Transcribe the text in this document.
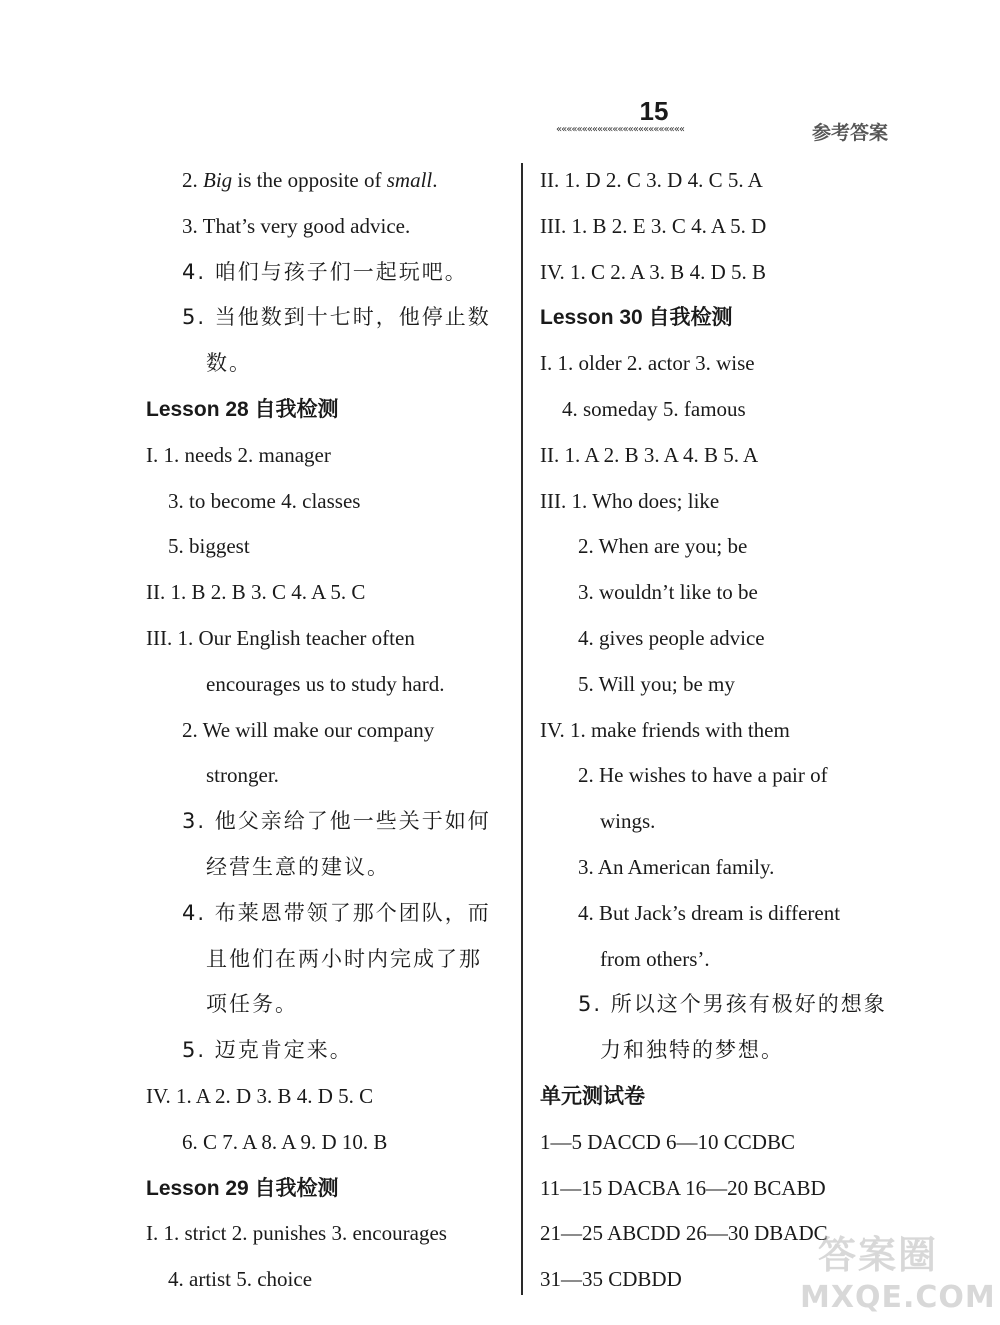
15
«««««««««««««««««««««««««	参考答案
2. Big is the opposite of small.
3. That’s very good advice.
4. 咱们与孩子们一起玩吧。
5. 当他数到十七时，他停止数
数。
Lesson 28 自我检测
I. 1. needs 2. manager
3. to become 4. classes
5. biggest
II. 1. B 2. B 3. C 4. A 5. C
III. 1. Our English teacher often
encourages us to study hard.
2. We will make our company
stronger.
3. 他父亲给了他一些关于如何
经营生意的建议。
4. 布莱恩带领了那个团队，而
且他们在两小时内完成了那
项任务。
5. 迈克肯定来。
IV. 1. A 2. D 3. B 4. D 5. C
6. C 7. A 8. A 9. D 10. B
Lesson 29 自我检测
I. 1. strict 2. punishes 3. encourages
4. artist 5. choice
II. 1. D 2. C 3. D 4. C 5. A
III. 1. B 2. E 3. C 4. A 5. D
IV. 1. C 2. A 3. B 4. D 5. B
Lesson 30 自我检测
I. 1. older 2. actor 3. wise
4. someday 5. famous
II. 1. A 2. B 3. A 4. B 5. A
III. 1. Who does; like
2. When are you; be
3. wouldn’t like to be
4. gives people advice
5. Will you; be my
IV. 1. make friends with them
2. He wishes to have a pair of
wings.
3. An American family.
4. But Jack’s dream is different
from others’.
5. 所以这个男孩有极好的想象
力和独特的梦想。
单元测试卷
1—5 DACCD 6—10 CCDBC
11—15 DACBA 16—20 BCABD
21—25 ABCDD 26—30 DBADC
31—35 CDBDD
答案圈
MXQE.COM
